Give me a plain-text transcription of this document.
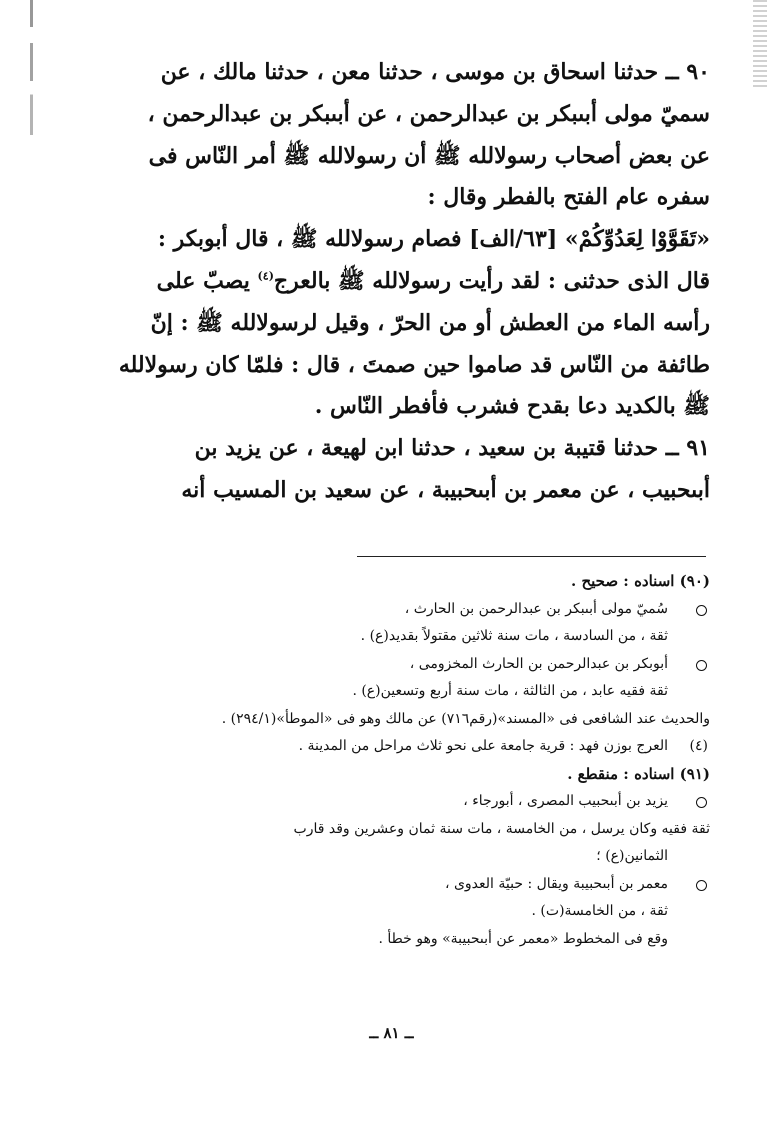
٩٠ ــ حدثنا اسحاق بن موسى ، حدثنا معن ، حدثنا مالك ، عن

سميّ مولى أبىبكر بن عبدالرحمن ، عن أبىبكر بن عبدالرحمن ،

عن بعض أصحاب رسولالله ﷺ أن رسولالله ﷺ أمر النّاس فى

سفره عام الفتح بالفطر وقال :

«تَقَوَّوْا لِعَدُوِّكُمْ» [٦٣/الف] فصام رسولالله ﷺ ، قال أبوبكر :

قال الذى حدثنى : لقد رأيت رسولالله ﷺ بالعرج$^{(٤)}$ يصبّ على

رأسه الماء من العطش أو من الحرّ ، وقيل لرسولالله ﷺ : إنّ

طائفة من النّاس قد صاموا حين صمتَ ، قال : فلمّا كان رسولالله

ﷺ بالكديد دعا بقدح فشرب فأفطر النّاس .

٩١ ــ حدثنا قتيبة بن سعيد ، حدثنا ابن لهيعة ، عن يزيد بن

أبىحبيب ، عن معمر بن أبىحبيبة ، عن سعيد بن المسيب أنه

(٩٠) اسناده : صحيح .

سُميّ مولى أبىبكر بن عبدالرحمن بن الحارث ،

ثقة ، من السادسة ، مات سنة ثلاثين مقتولاً بقديد(ع) .

أبوبكر بن عبدالرحمن بن الحارث المخزومى ،

ثقة فقيه عابد ، من الثالثة ، مات سنة أربع وتسعين(ع) .

والحديث عند الشافعى فى «المسند»(رقم٧١٦) عن مالك وهو فى «الموطأ»(٢٩٤/١) .

(٤)
العرج بوزن فهد : قرية جامعة على نحو ثلاث مراحل من المدينة .

(٩١) اسناده : منقطع .

يزيد بن أبىحبيب المصرى ، أبورجاء ،

ثقة فقيه وكان يرسل ، من الخامسة ، مات سنة ثمان وعشرين وقد قارب

الثمانين(ع) ؛

معمر بن أبىحبيبة ويقال : حبيّة العدوى ،

ثقة ، من الخامسة(ت) .

وقع فى المخطوط «معمر عن أبىحبيبة» وهو خطأ .

ــ ٨١ ــ
